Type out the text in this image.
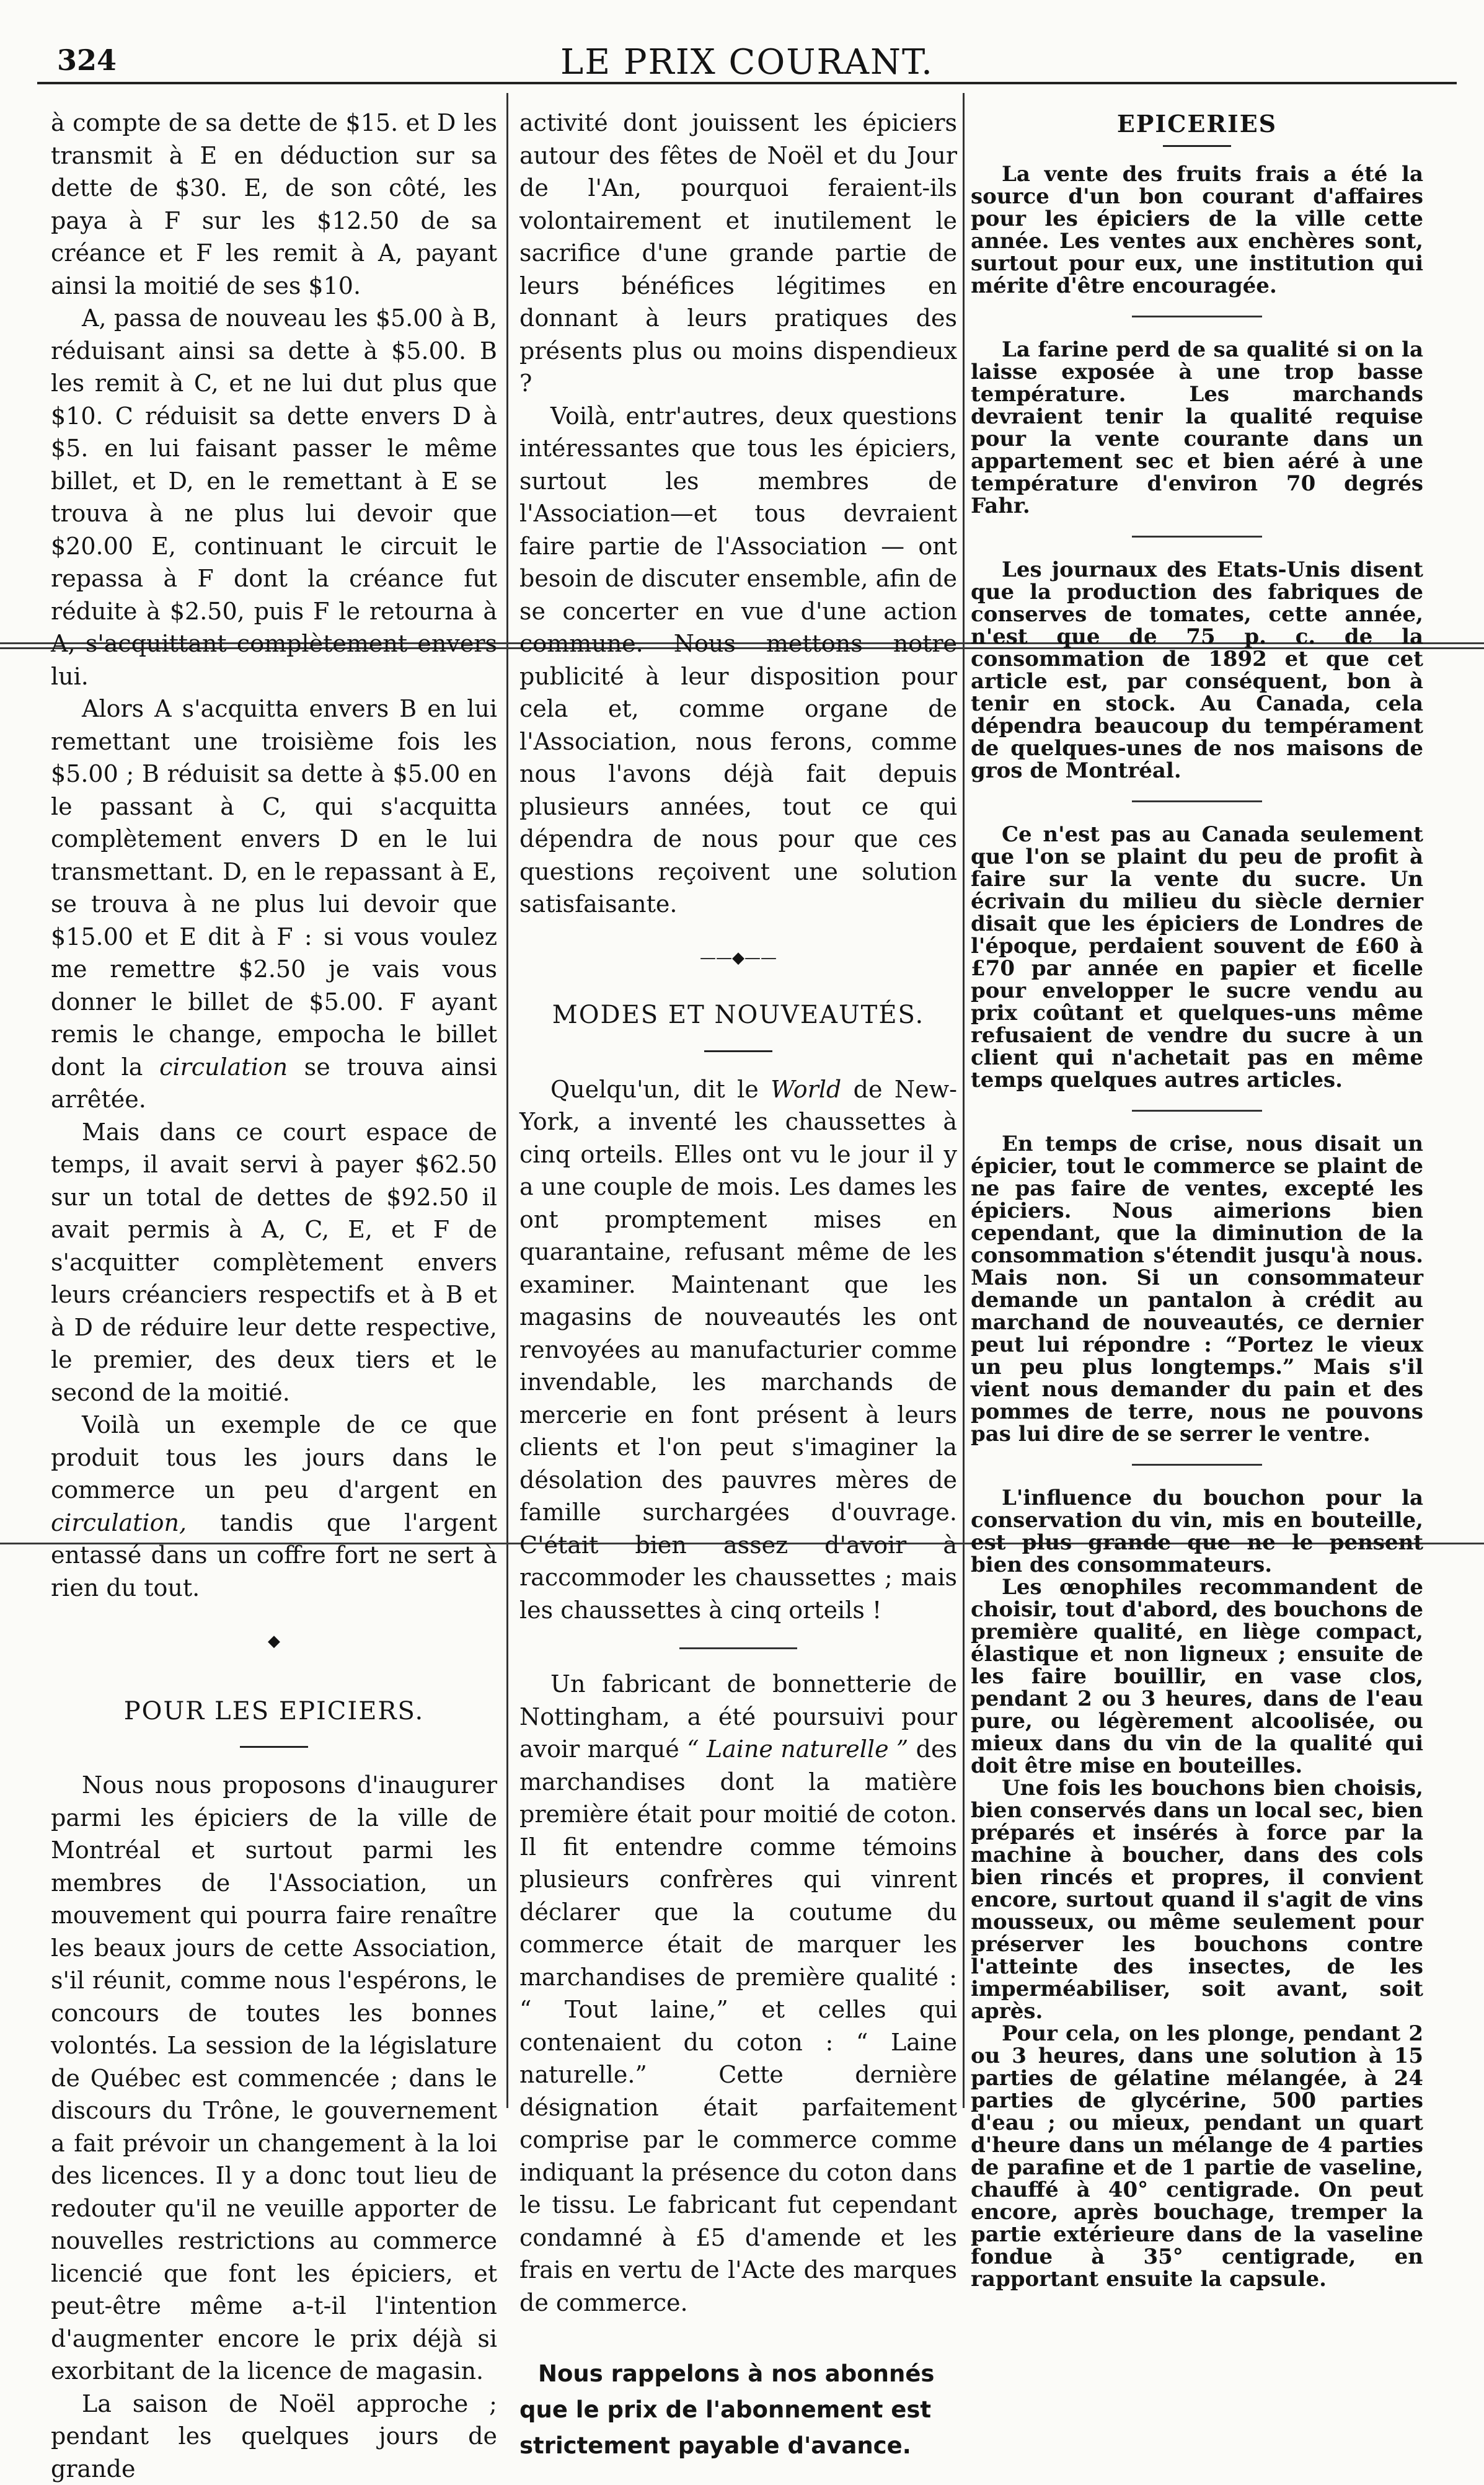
324	LE PRIX COURANT.

à compte de sa dette de $15. et D les transmit à E en déduction sur sa dette de $30. E, de son côté, les paya à F sur les $12.50 de sa créance et F les remit à A, payant ainsi la moitié de ses $10.

A, passa de nouveau les $5.00 à B, réduisant ainsi sa dette à $5.00. B les remit à C, et ne lui dut plus que $10. C réduisit sa dette envers D à $5. en lui faisant passer le même billet, et D, en le remettant à E se trouva à ne plus lui devoir que $20.00 E, continuant le circuit le repassa à F dont la créance fut réduite à $2.50, puis F le retourna à A, s'acquittant complètement envers lui.

Alors A s'acquitta envers B en lui remettant une troisième fois les $5.00 ; B réduisit sa dette à $5.00 en le passant à C, qui s'acquitta complètement envers D en le lui transmettant. D, en le repassant à E, se trouva à ne plus lui devoir que $15.00 et E dit à F : si vous voulez me remettre $2.50 je vais vous donner le billet de $5.00. F ayant remis le change, empocha le billet dont la circulation se trouva ainsi arrêtée.

Mais dans ce court espace de temps, il avait servi à payer $62.50 sur un total de dettes de $92.50 il avait permis à A, C, E, et F de s'acquitter complètement envers leurs créanciers respectifs et à B et à D de réduire leur dette respective, le premier, des deux tiers et le second de la moitié.

Voilà un exemple de ce que produit tous les jours dans le commerce un peu d'argent en circulation, tandis que l'argent entassé dans un coffre fort ne sert à rien du tout.

◆
POUR LES EPICIERS.

Nous nous proposons d'inaugurer parmi les épiciers de la ville de Montréal et surtout parmi les membres de l'Association, un mouvement qui pourra faire renaître les beaux jours de cette Association, s'il réunit, comme nous l'espérons, le concours de toutes les bonnes volontés. La session de la législature de Québec est commencée ; dans le discours du Trône, le gouvernement a fait prévoir un changement à la loi des licences. Il y a donc tout lieu de redouter qu'il ne veuille apporter de nouvelles restrictions au commerce licencié que font les épiciers, et peut-être même a-t-il l'intention d'augmenter encore le prix déjà si exorbitant de la licence de magasin.

La saison de Noël approche ; pendant les quelques jours de grande

activité dont jouissent les épiciers autour des fêtes de Noël et du Jour de l'An, pourquoi feraient-ils volontairement et inutilement le sacrifice d'une grande partie de leurs bénéfices légitimes en donnant à leurs pratiques des présents plus ou moins dispendieux ?

Voilà, entr'autres, deux questions intéressantes que tous les épiciers, surtout les membres de l'Association—et tous devraient faire partie de l'Association — ont besoin de discuter ensemble, afin de se concerter en vue d'une action commune. Nous mettons notre publicité à leur disposition pour cela et, comme organe de l'Association, nous ferons, comme nous l'avons déjà fait depuis plusieurs années, tout ce qui dépendra de nous pour que ces questions reçoivent une solution satisfaisante.

——◆——
MODES ET NOUVEAUTÉS.

Quelqu'un, dit le World de New-York, a inventé les chaussettes à cinq orteils. Elles ont vu le jour il y a une couple de mois. Les dames les ont promptement mises en quarantaine, refusant même de les examiner. Maintenant que les magasins de nouveautés les ont renvoyées au manufacturier comme invendable, les marchands de mercerie en font présent à leurs clients et l'on peut s'imaginer la désolation des pauvres mères de famille surchargées d'ouvrage. C'était bien assez d'avoir à raccommoder les chaussettes ; mais les chaussettes à cinq orteils !

Un fabricant de bonnetterie de Nottingham, a été poursuivi pour avoir marqué “ Laine naturelle ” des marchandises dont la matière première était pour moitié de coton. Il fit entendre comme témoins plusieurs confrères qui vinrent déclarer que la coutume du commerce était de marquer les marchandises de première qualité : “ Tout laine,” et celles qui contenaient du coton : “ Laine naturelle.” Cette dernière désignation était parfaitement comprise par le commerce comme indiquant la présence du coton dans le tissu. Le fabricant fut cependant condamné à £5 d'amende et les frais en vertu de l'Acte des marques de commerce.

Nous rappelons à nos abonnés
que le prix de l'abonnement est
strictement payable d'avance.
EPICERIES

La vente des fruits frais a été la source d'un bon courant d'affaires pour les épiciers de la ville cette année. Les ventes aux enchères sont, surtout pour eux, une institution qui mérite d'être encouragée.

La farine perd de sa qualité si on la laisse exposée à une trop basse température. Les marchands devraient tenir la qualité requise pour la vente courante dans un appartement sec et bien aéré à une température d'environ 70 degrés Fahr.

Les journaux des Etats-Unis disent que la production des fabriques de conserves de tomates, cette année, n'est que de 75 p. c. de la consommation de 1892 et que cet article est, par conséquent, bon à tenir en stock. Au Canada, cela dépendra beaucoup du tempérament de quelques-unes de nos maisons de gros de Montréal.

Ce n'est pas au Canada seulement que l'on se plaint du peu de profit à faire sur la vente du sucre. Un écrivain du milieu du siècle dernier disait que les épiciers de Londres de l'époque, perdaient souvent de £60 à £70 par année en papier et ficelle pour envelopper le sucre vendu au prix coûtant et quelques-uns même refusaient de vendre du sucre à un client qui n'achetait pas en même temps quelques autres articles.

En temps de crise, nous disait un épicier, tout le commerce se plaint de ne pas faire de ventes, excepté les épiciers. Nous aimerions bien cependant, que la diminution de la consommation s'étendit jusqu'à nous. Mais non. Si un consommateur demande un pantalon à crédit au marchand de nouveautés, ce dernier peut lui répondre : “Portez le vieux un peu plus longtemps.” Mais s'il vient nous demander du pain et des pommes de terre, nous ne pouvons pas lui dire de se serrer le ventre.

L'influence du bouchon pour la conservation du vin, mis en bouteille, est plus grande que ne le pensent bien des consommateurs.

Les œnophiles recommandent de choisir, tout d'abord, des bouchons de première qualité, en liège compact, élastique et non ligneux ; ensuite de les faire bouillir, en vase clos, pendant 2 ou 3 heures, dans de l'eau pure, ou légèrement alcoolisée, ou mieux dans du vin de la qualité qui doit être mise en bouteilles.

Une fois les bouchons bien choisis, bien conservés dans un local sec, bien préparés et insérés à force par la machine à boucher, dans des cols bien rincés et propres, il convient encore, surtout quand il s'agit de vins mousseux, ou même seulement pour préserver les bouchons contre l'atteinte des insectes, de les imperméabiliser, soit avant, soit après.

Pour cela, on les plonge, pendant 2 ou 3 heures, dans une solution à 15 parties de gélatine mélangée, à 24 parties de glycérine, 500 parties d'eau ; ou mieux, pendant un quart d'heure dans un mélange de 4 parties de parafine et de 1 partie de vaseline, chauffé à 40° centigrade. On peut encore, après bouchage, tremper la partie extérieure dans de la vaseline fondue à 35° centigrade, en rapportant ensuite la capsule.
